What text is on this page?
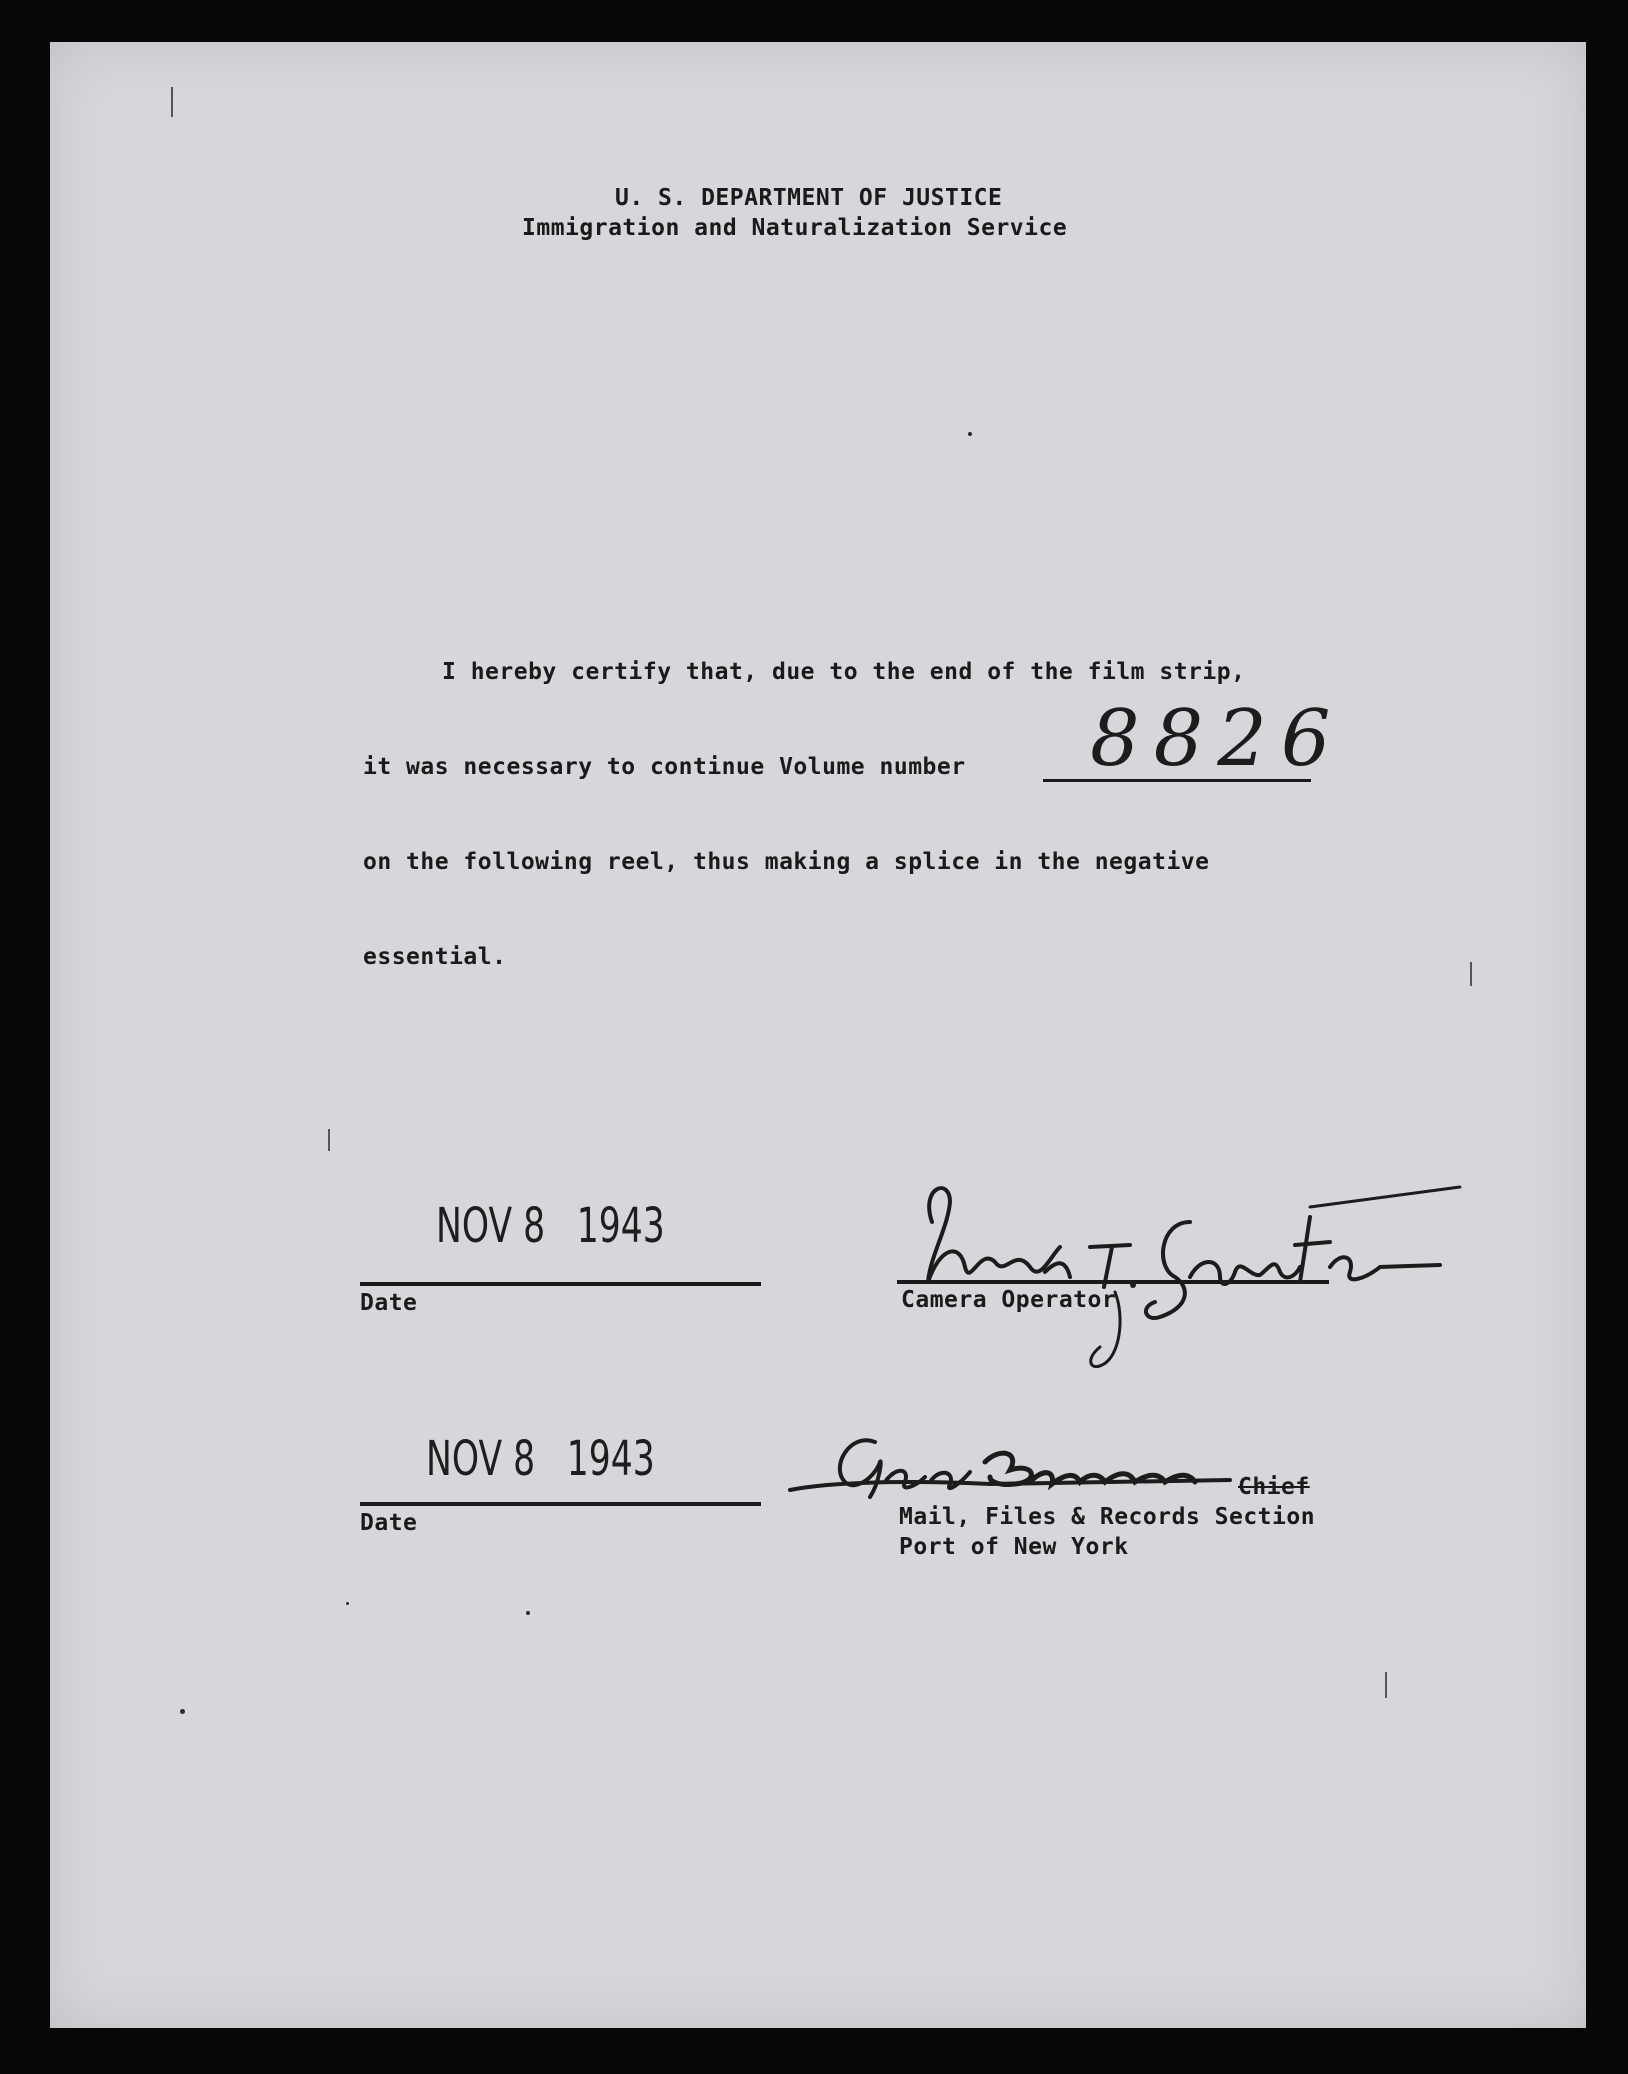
U. S. DEPARTMENT OF JUSTICE
Immigration and Naturalization Service
I hereby certify that, due to the end of the film strip,
it was necessary to continue Volume number 8826
on the following reel, thus making a splice in the negative
essential.
NOV 8 1943
Date	Camera Operator
NOV 8 1943
Date
Chief
Mail, Files & Records Section
Port of New York
